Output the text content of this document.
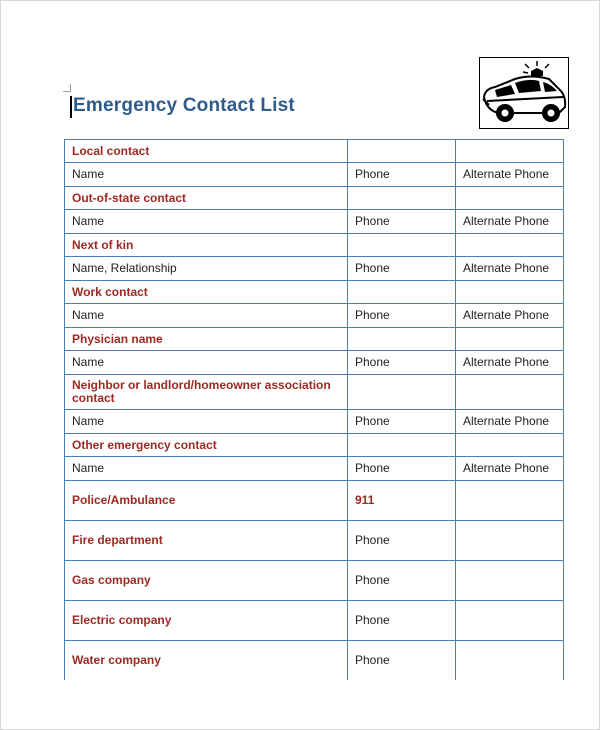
Emergency Contact List
Local contact		
Name	Phone	Alternate Phone
Out-of-state contact		
Name	Phone	Alternate Phone
Next of kin		
Name, Relationship	Phone	Alternate Phone
Work contact		
Name	Phone	Alternate Phone
Physician name		
Name	Phone	Alternate Phone
Neighbor or landlord/homeowner association contact		
Name	Phone	Alternate Phone
Other emergency contact		
Name	Phone	Alternate Phone
Police/Ambulance	911	
Fire department	Phone	
Gas company	Phone	
Electric company	Phone	
Water company	Phone	
